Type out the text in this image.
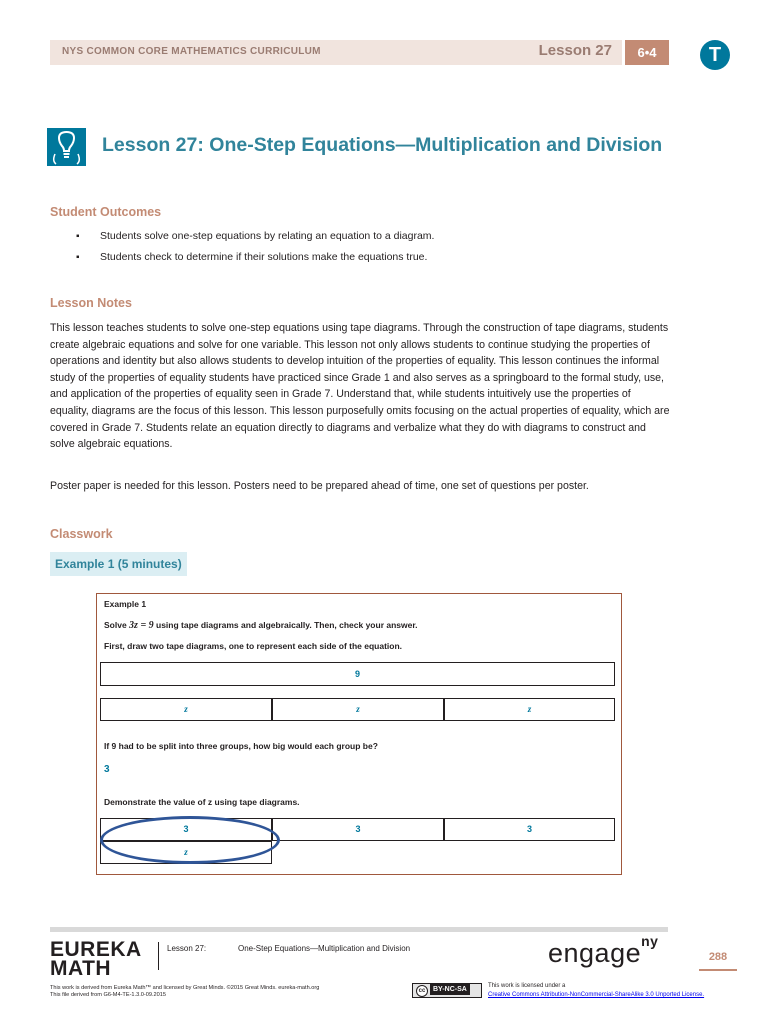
NYS COMMON CORE MATHEMATICS CURRICULUM	Lesson 27	6•4	T
Lesson 27: One-Step Equations—Multiplication and Division
Student Outcomes
▪ Students solve one-step equations by relating an equation to a diagram.
▪ Students check to determine if their solutions make the equations true.
Lesson Notes

This lesson teaches students to solve one-step equations using tape diagrams. Through the construction of tape diagrams, students create algebraic equations and solve for one variable. This lesson not only allows students to continue studying the properties of operations and identity but also allows students to develop intuition of the properties of equality. This lesson continues the informal study of the properties of equality students have practiced since Grade 1 and also serves as a springboard to the formal study, use, and application of the properties of equality seen in Grade 7. Understand that, while students intuitively use the properties of equality, diagrams are the focus of this lesson. This lesson purposefully omits focusing on the actual properties of equality, which are covered in Grade 7. Students relate an equation directly to diagrams and verbalize what they do with diagrams to construct and solve algebraic equations.

Poster paper is needed for this lesson. Posters need to be prepared ahead of time, one set of questions per poster.

Classwork
Example 1 (5 minutes)
Example 1
Solve 3z = 9 using tape diagrams and algebraically. Then, check your answer.
First, draw two tape diagrams, one to represent each side of the equation.
If 9 had to be split into three groups, how big would each group be?
3
Demonstrate the value of z using tape diagrams.
9
z	z	z
3	3	3
z
EUREKA
MATH
Lesson 27:	One-Step Equations—Multiplication and Division	engage$^{ny}$
288
This work is derived from Eureka Math™ and licensed by Great Minds. ©2015 Great Minds. eureka-math.org
This file derived from G6-M4-TE-1.3.0-09.2015
cc BY-NC-SA	This work is licensed under a
Creative Commons Attribution-NonCommercial-ShareAlike 3.0 Unported License.
